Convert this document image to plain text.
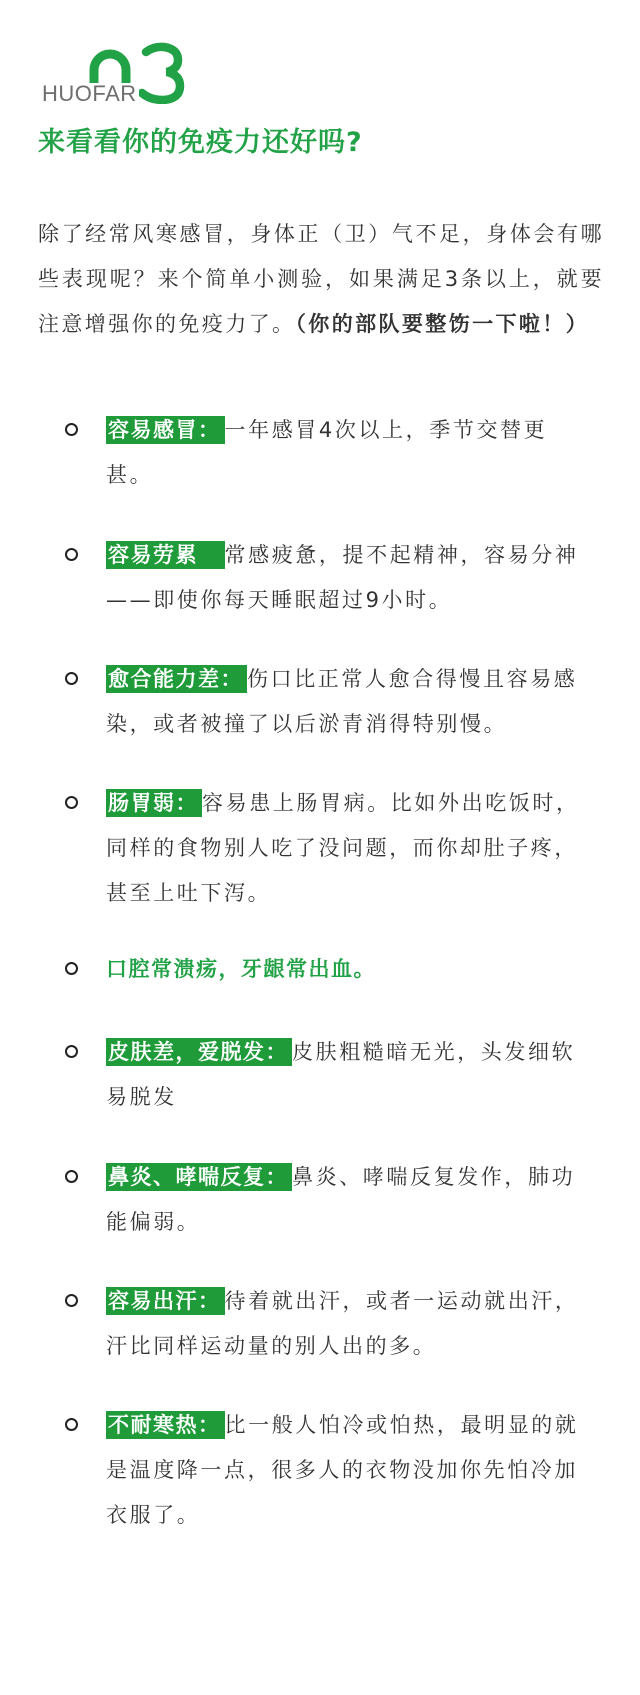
HUOFAR
来看看你的免疫力还好吗?
除了经常风寒感冒，身体正（卫）气不足，身体会有哪些表现呢？来个简单小测验，如果满足3条以上，就要注意增强你的免疫力了。（你的部队要整饬一下啦！）
容易感冒： 一年感冒4次以上，季节交替更甚。
容易劳累　常感疲惫，提不起精神，容易分神——即使你每天睡眠超过9小时。
愈合能力差： 伤口比正常人愈合得慢且容易感染，或者被撞了以后淤青消得特别慢。
肠胃弱： 容易患上肠胃病。比如外出吃饭时，同样的食物别人吃了没问题，而你却肚子疼，甚至上吐下泻。
口腔常溃疡，牙龈常出血。
皮肤差，爱脱发： 皮肤粗糙暗无光，头发细软易脱发
鼻炎、哮喘反复： 鼻炎、哮喘反复发作，肺功能偏弱。
容易出汗： 待着就出汗，或者一运动就出汗，汗比同样运动量的别人出的多。
不耐寒热： 比一般人怕冷或怕热，最明显的就是温度降一点，很多人的衣物没加你先怕冷加衣服了。
